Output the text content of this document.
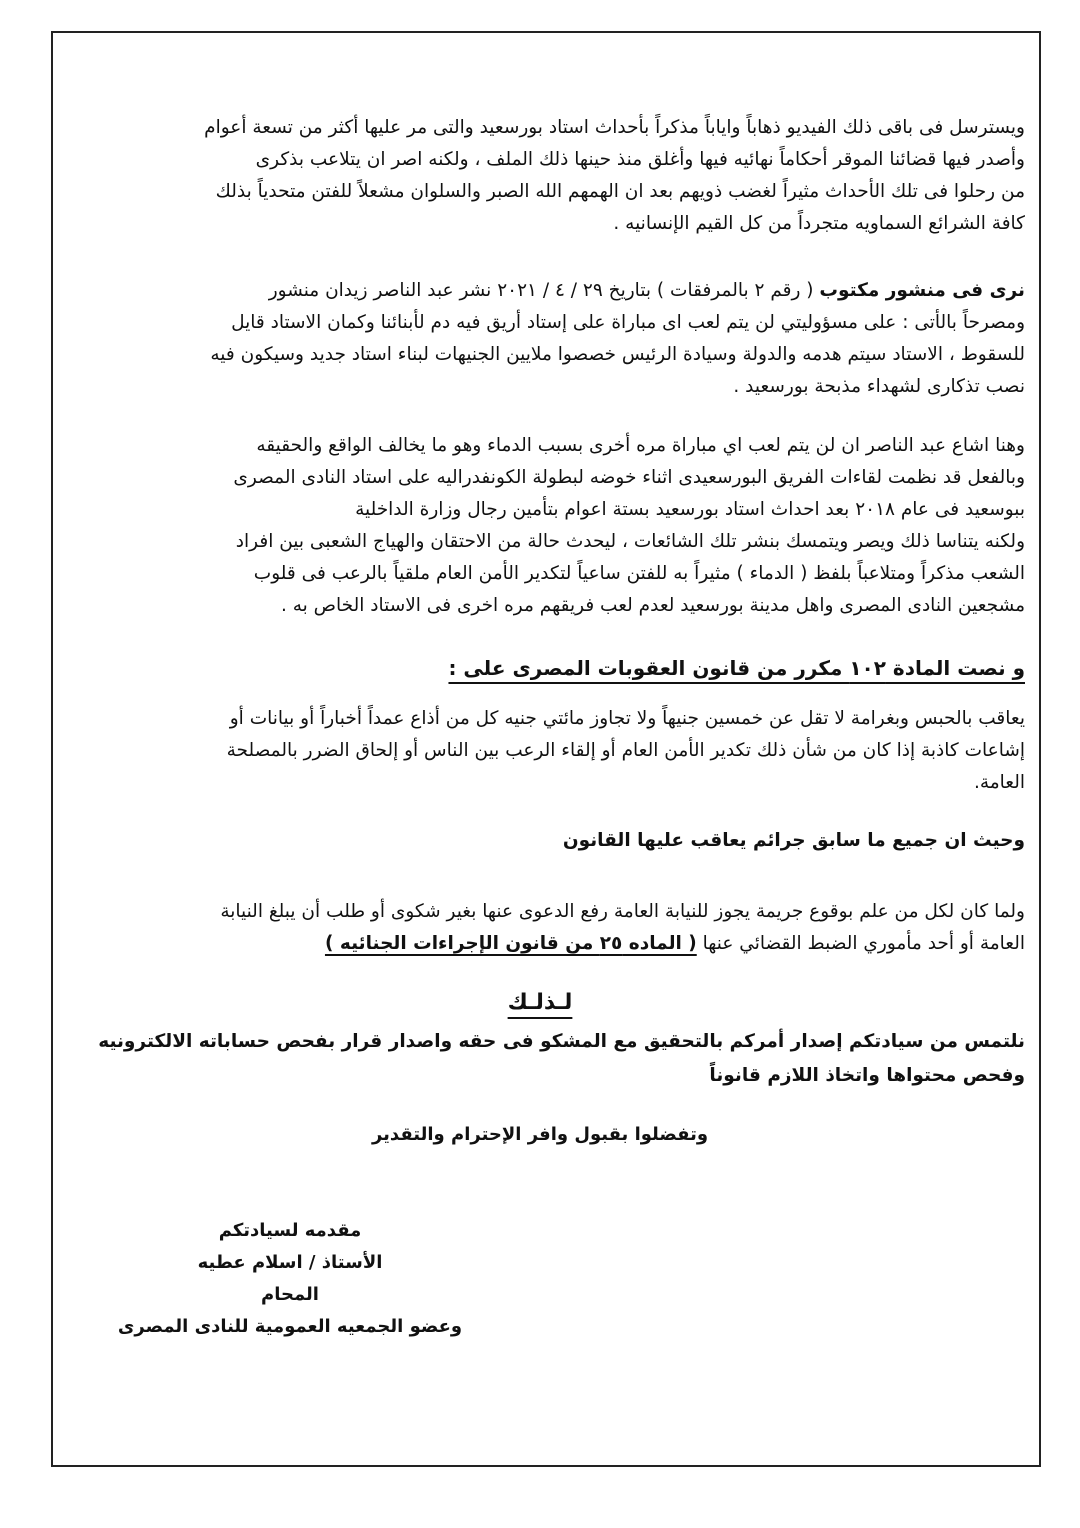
ويسترسل فى باقى ذلك الفيديو ذهاباً واياباً مذكراً بأحداث استاد بورسعيد والتى مر عليها أكثر من تسعة أعوام
وأصدر فيها قضائنا الموقر أحكاماً نهائيه فيها وأغلق منذ حينها ذلك الملف ، ولكنه اصر ان يتلاعب بذكرى
من رحلوا فى تلك الأحداث مثيراً لغضب ذويهم بعد ان الهمهم الله الصبر والسلوان مشعلاً للفتن متحدياً بذلك
كافة الشرائع السماويه متجرداً من كل القيم الإنسانيه .
نرى فى منشور مكتوب ( رقم ٢ بالمرفقات ) بتاريخ ٢٩ / ٤ / ٢٠٢١ نشر عبد الناصر زيدان منشور
ومصرحاً بالأتى : على مسؤوليتي لن يتم لعب اى مباراة على إستاد أريق فيه دم لأبنائنا وكمان الاستاد قايل
للسقوط ، الاستاد سيتم هدمه والدولة وسيادة الرئيس خصصوا ملايين الجنيهات لبناء استاد جديد وسيكون فيه
نصب تذكارى لشهداء مذبحة بورسعيد .
وهنا اشاع عبد الناصر ان لن يتم لعب اي مباراة مره أخرى بسبب الدماء وهو ما يخالف الواقع والحقيقه
وبالفعل قد نظمت لقاءات الفريق البورسعيدى اثناء خوضه لبطولة الكونفدراليه على استاد النادى المصرى
ببوسعيد فى عام ٢٠١٨ بعد احداث استاد بورسعيد بستة اعوام بتأمين رجال وزارة الداخلية
ولكنه يتناسا ذلك ويصر ويتمسك بنشر تلك الشائعات ، ليحدث حالة من الاحتقان والهياج الشعبى بين افراد
الشعب مذكراً ومتلاعباً بلفظ ( الدماء ) مثيراً به للفتن ساعياً لتكدير الأمن العام ملقياً بالرعب فى قلوب
مشجعين النادى المصرى واهل مدينة بورسعيد لعدم لعب فريقهم مره اخرى فى الاستاد الخاص به .
و نصت المادة ١٠٢ مكرر من قانون العقوبات المصرى على :
يعاقب بالحبس وبغرامة لا تقل عن خمسين جنيهاً ولا تجاوز مائتي جنيه كل من أذاع عمداً أخباراً أو بيانات أو
إشاعات كاذبة إذا كان من شأن ذلك تكدير الأمن العام أو إلقاء الرعب بين الناس أو إلحاق الضرر بالمصلحة
العامة.
وحيث ان جميع ما سابق جرائم يعاقب عليها القانون
ولما كان لكل من علم بوقوع جريمة يجوز للنيابة العامة رفع الدعوى عنها بغير شكوى أو طلب أن يبلغ النيابة
العامة أو أحد مأموري الضبط القضائي عنها ( الماده ٢٥ من قانون الإجراءات الجنائيه )
لـذلـك
نلتمس من سيادتكم إصدار أمركم بالتحقيق مع المشكو فى حقه واصدار قرار بفحص حساباته الالكترونيه
وفحص محتواها واتخاذ اللازم قانوناً
وتفضلوا بقبول وافر الإحترام والتقدير
مقدمه لسيادتكم
الأستاذ / اسلام عطيه
المحام
وعضو الجمعيه العمومية للنادى المصرى
